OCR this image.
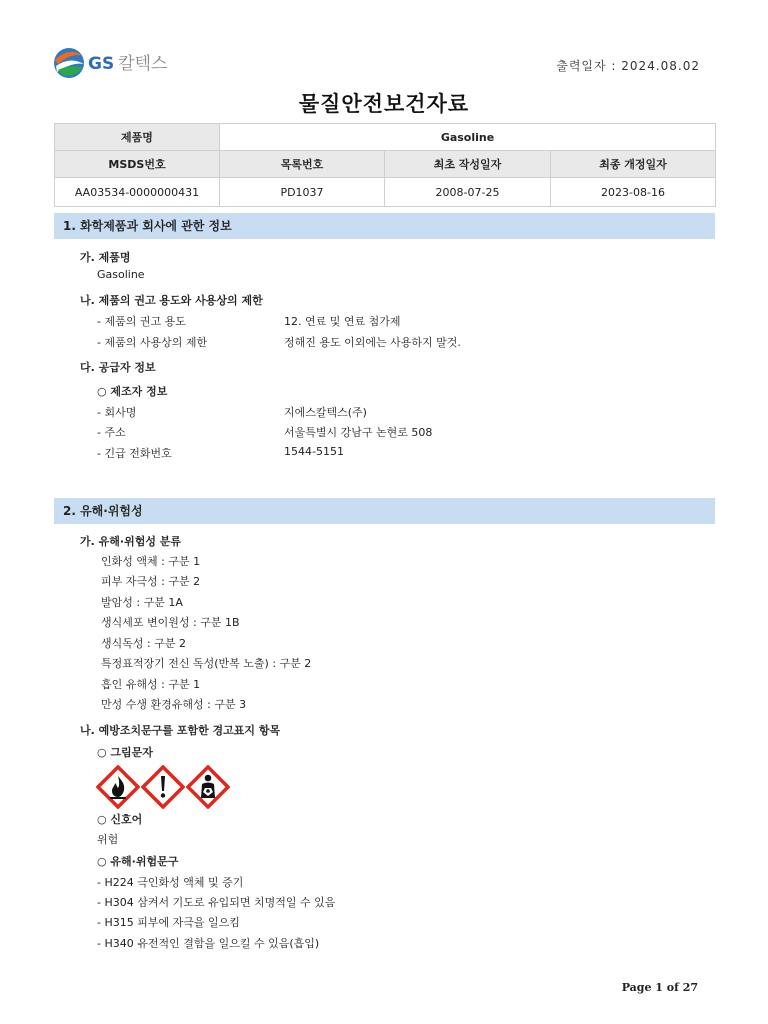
GS 칼텍스	출력일자 : 2024.08.02
물질안전보건자료
제품명	Gasoline		
MSDS번호	목록번호	최초 작성일자	최종 개정일자
AA03534-0000000431	PD1037	2008-07-25	2023-08-16
1. 화학제품과 회사에 관한 정보
가. 제품명
Gasoline
나. 제품의 권고 용도와 사용상의 제한
- 제품의 권고 용도	12. 연료 및 연료 첨가제
- 제품의 사용상의 제한	정해진 용도 이외에는 사용하지 말것.
다. 공급자 정보
○ 제조자 정보
- 회사명	지에스칼텍스(주)
- 주소	서울특별시 강남구 논현로 508
- 긴급 전화번호	1544-5151
2. 유해·위험성
가. 유해·위험성 분류
인화성 액체 : 구분 1
피부 자극성 : 구분 2
발암성 : 구분 1A
생식세포 변이원성 : 구분 1B
생식독성 : 구분 2
특정표적장기 전신 독성(반복 노출) : 구분 2
흡인 유해성 : 구분 1
만성 수생 환경유해성 : 구분 3
나. 예방조치문구를 포함한 경고표지 항목
○ 그림문자
○ 신호어
위험
○ 유해·위험문구
- H224 극인화성 액체 및 증기
- H304 삼켜서 기도로 유입되면 치명적일 수 있음
- H315 피부에 자극을 일으킴
- H340 유전적인 결함을 일으킬 수 있음(흡입)
Page 1 of 27
